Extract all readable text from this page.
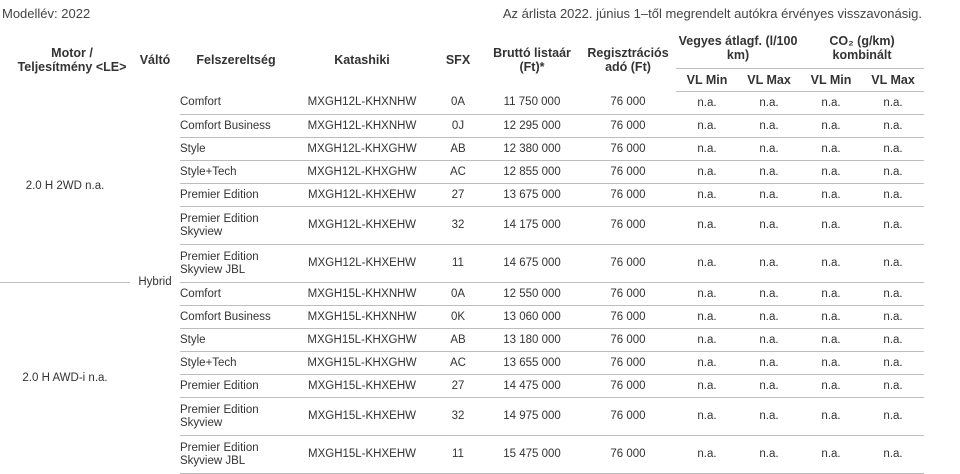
Modellév: 2022	Az árlista 2022. június 1–től megrendelt autókra érvényes visszavonásig.
Motor / Teljesítmény <LE>	Váltó	Felszereltség	Katashiki	SFX	Bruttó listaár (Ft)*	Regisztrációs adó (Ft)	Vegyes átlagf. (l/100 km)		CO₂ (g/km) kombinált	
							VL Min	VL Max	VL Min	VL Max
2.0 H 2WD n.a.	Hybrid	Comfort	MXGH12L-KHXNHW	0A	11 750 000	76 000	n.a.	n.a.	n.a.	n.a.
		Comfort Business	MXGH12L-KHXNHW	0J	12 295 000	76 000	n.a.	n.a.	n.a.	n.a.
		Style	MXGH12L-KHXGHW	AB	12 380 000	76 000	n.a.	n.a.	n.a.	n.a.
		Style+Tech	MXGH12L-KHXGHW	AC	12 855 000	76 000	n.a.	n.a.	n.a.	n.a.
		Premier Edition	MXGH12L-KHXEHW	27	13 675 000	76 000	n.a.	n.a.	n.a.	n.a.
		Premier Edition Skyview	MXGH12L-KHXEHW	32	14 175 000	76 000	n.a.	n.a.	n.a.	n.a.
		Premier Edition Skyview JBL	MXGH12L-KHXEHW	11	14 675 000	76 000	n.a.	n.a.	n.a.	n.a.
2.0 H AWD-i n.a.		Comfort	MXGH15L-KHXNHW	0A	12 550 000	76 000	n.a.	n.a.	n.a.	n.a.
		Comfort Business	MXGH15L-KHXNHW	0K	13 060 000	76 000	n.a.	n.a.	n.a.	n.a.
		Style	MXGH15L-KHXGHW	AB	13 180 000	76 000	n.a.	n.a.	n.a.	n.a.
		Style+Tech	MXGH15L-KHXGHW	AC	13 655 000	76 000	n.a.	n.a.	n.a.	n.a.
		Premier Edition	MXGH15L-KHXEHW	27	14 475 000	76 000	n.a.	n.a.	n.a.	n.a.
		Premier Edition Skyview	MXGH15L-KHXEHW	32	14 975 000	76 000	n.a.	n.a.	n.a.	n.a.
		Premier Edition Skyview JBL	MXGH15L-KHXEHW	11	15 475 000	76 000	n.a.	n.a.	n.a.	n.a.
